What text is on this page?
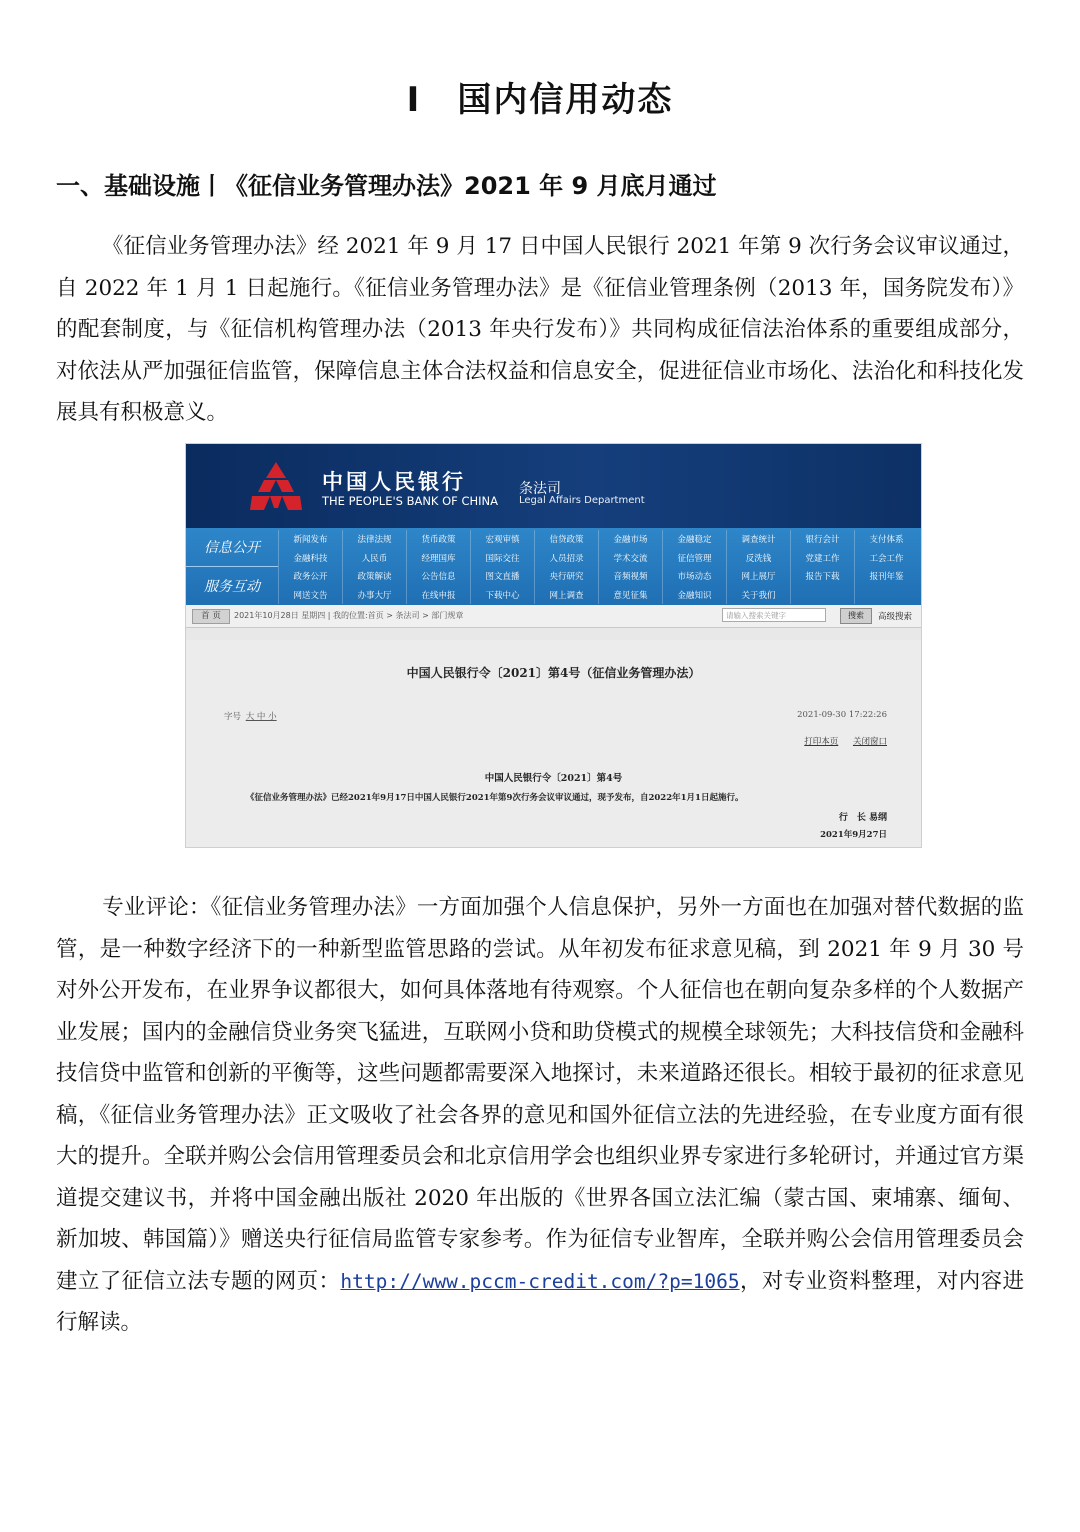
I 国内信用动态
一、基础设施丨《征信业务管理办法》2021 年 9 月底月通过

《征信业务管理办法》经 2021 年 9 月 17 日中国人民银行 2021 年第 9 次行务会议审议通过，自 2022 年 1 月 1 日起施行。《征信业务管理办法》是《征信业管理条例（2013 年，国务院发布）》的配套制度，与《征信机构管理办法（2013 年央行发布）》共同构成征信法治体系的重要组成部分，对依法从严加强征信监管，保障信息主体合法权益和信息安全，促进征信业市场化、法治化和科技化发展具有积极意义。

中国人民银行
THE PEOPLE'S BANK OF CHINA
条法司
Legal Affairs Department
信息公开
服务互动
新闻发布	法律法规	货币政策	宏观审慎	信贷政策	金融市场	金融稳定	调查统计	银行会计	支付体系
金融科技	人民币	经理国库	国际交往	人员招录	学术交流	征信管理	反洗钱	党建工作	工会工作
政务公开	政策解读	公告信息	图文直播	央行研究	音频视频	市场动态	网上展厅	报告下载	报刊年鉴
网送文告	办事大厅	在线申报	下载中心	网上调查	意见征集	金融知识	关于我们
首 页	2021年10月28日 星期四 | 我的位置:首页 > 条法司 > 部门规章	请输入搜索关键字	搜索	高级搜索
中国人民银行令〔2021〕第4号（征信业务管理办法）
字号 大 中 小	2021-09-30 17:22:26
打印本页 关闭窗口
中国人民银行令〔2021〕第4号
《征信业务管理办法》已经2021年9月17日中国人民银行2021年第9次行务会议审议通过，现予发布，自2022年1月1日起施行。
行　长 易纲
2021年9月27日

专业评论：《征信业务管理办法》一方面加强个人信息保护，另外一方面也在加强对替代数据的监管，是一种数字经济下的一种新型监管思路的尝试。从年初发布征求意见稿，到 2021 年 9 月 30 号对外公开发布，在业界争议都很大，如何具体落地有待观察。个人征信也在朝向复杂多样的个人数据产业发展；国内的金融信贷业务突飞猛进，互联网小贷和助贷模式的规模全球领先；大科技信贷和金融科技信贷中监管和创新的平衡等，这些问题都需要深入地探讨，未来道路还很长。相较于最初的征求意见稿，《征信业务管理办法》正文吸收了社会各界的意见和国外征信立法的先进经验，在专业度方面有很大的提升。全联并购公会信用管理委员会和北京信用学会也组织业界专家进行多轮研讨，并通过官方渠道提交建议书，并将中国金融出版社 2020 年出版的《世界各国立法汇编（蒙古国、柬埔寨、缅甸、新加坡、韩国篇）》赠送央行征信局监管专家参考。作为征信专业智库，全联并购公会信用管理委员会建立了征信立法专题的网页：http://www.pccm-credit.com/?p=1065，对专业资料整理，对内容进行解读。
